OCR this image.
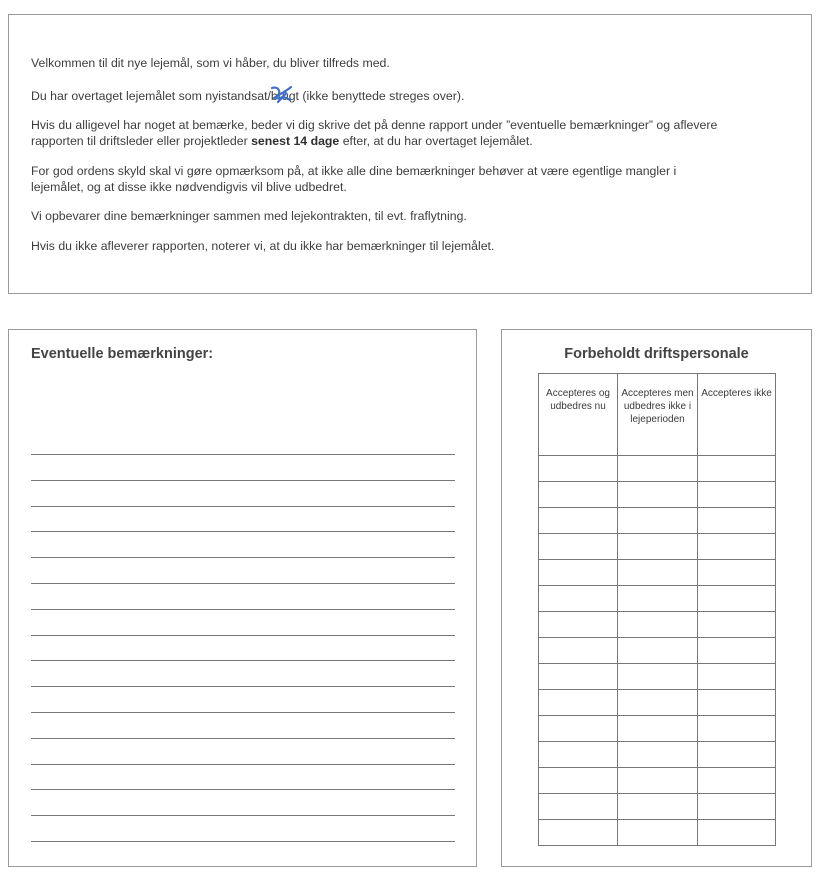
Velkommen til dit nye lejemål, som vi håber, du bliver tilfreds med.

Du har overtaget lejemålet som nyistandsat/brugt
(ikke benyttede streges over).

Hvis du alligevel har noget at bemærke, beder vi dig skrive det på denne rapport under ”eventuelle bemærkninger” og aflevere rapporten til driftsleder eller projektleder senest 14 dage efter, at du har overtaget lejemålet.

For god ordens skyld skal vi gøre opmærksom på, at ikke alle dine bemærkninger behøver at være egentlige mangler i lejemålet, og at disse ikke nødvendigvis vil blive udbedret.

Vi opbevarer dine bemærkninger sammen med lejekontrakten, til evt. fraflytning.

Hvis du ikke afleverer rapporten, noterer vi, at du ikke har bemærkninger til lejemålet.

Eventuelle bemærkninger:	Forbeholdt driftspersonale
Accepteres og udbedres nu	Accepteres men udbedres ikke i lejeperioden	Accepteres ikke
